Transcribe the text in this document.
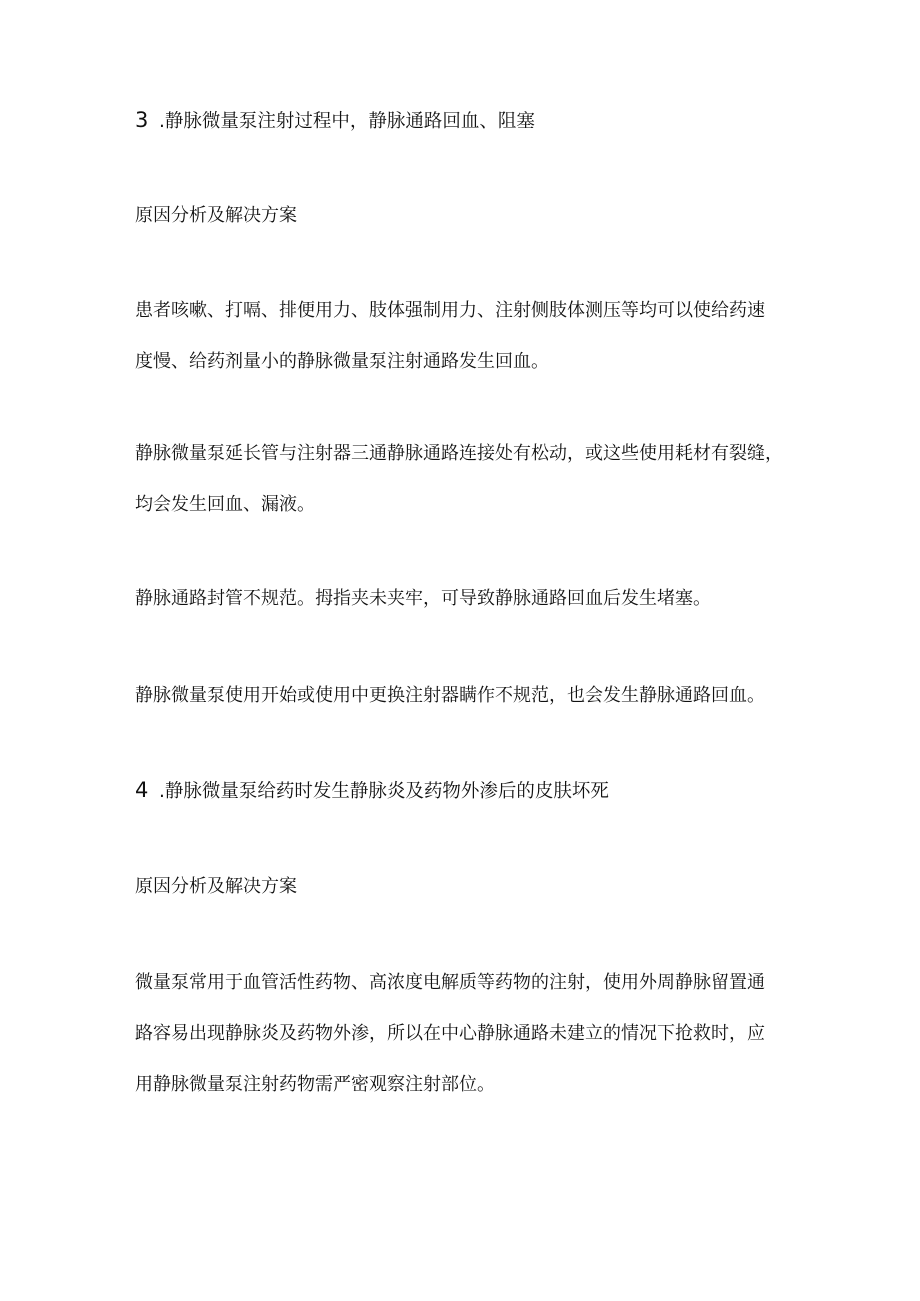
3 .静脉微量泵注射过程中，静脉通路回血、阻塞
原因分析及解决方案
患者咳嗽、打嗝、排便用力、肢体强制用力、注射侧肢体测压等均可以使给药速
度慢、给药剂量小的静脉微量泵注射通路发生回血。
静脉微量泵延长管与注射器三通静脉通路连接处有松动，或这些使用耗材有裂缝，
均会发生回血、漏液。
静脉通路封管不规范。拇指夹未夹牢，可导致静脉通路回血后发生堵塞。
静脉微量泵使用开始或使用中更换注射器瞒作不规范，也会发生静脉通路回血。
4 .静脉微量泵给药时发生静脉炎及药物外渗后的皮肤坏死
原因分析及解决方案
微量泵常用于血管活性药物、高浓度电解质等药物的注射，使用外周静脉留置通
路容易出现静脉炎及药物外渗，所以在中心静脉通路未建立的情况下抢救时，应
用静脉微量泵注射药物需严密观察注射部位。
